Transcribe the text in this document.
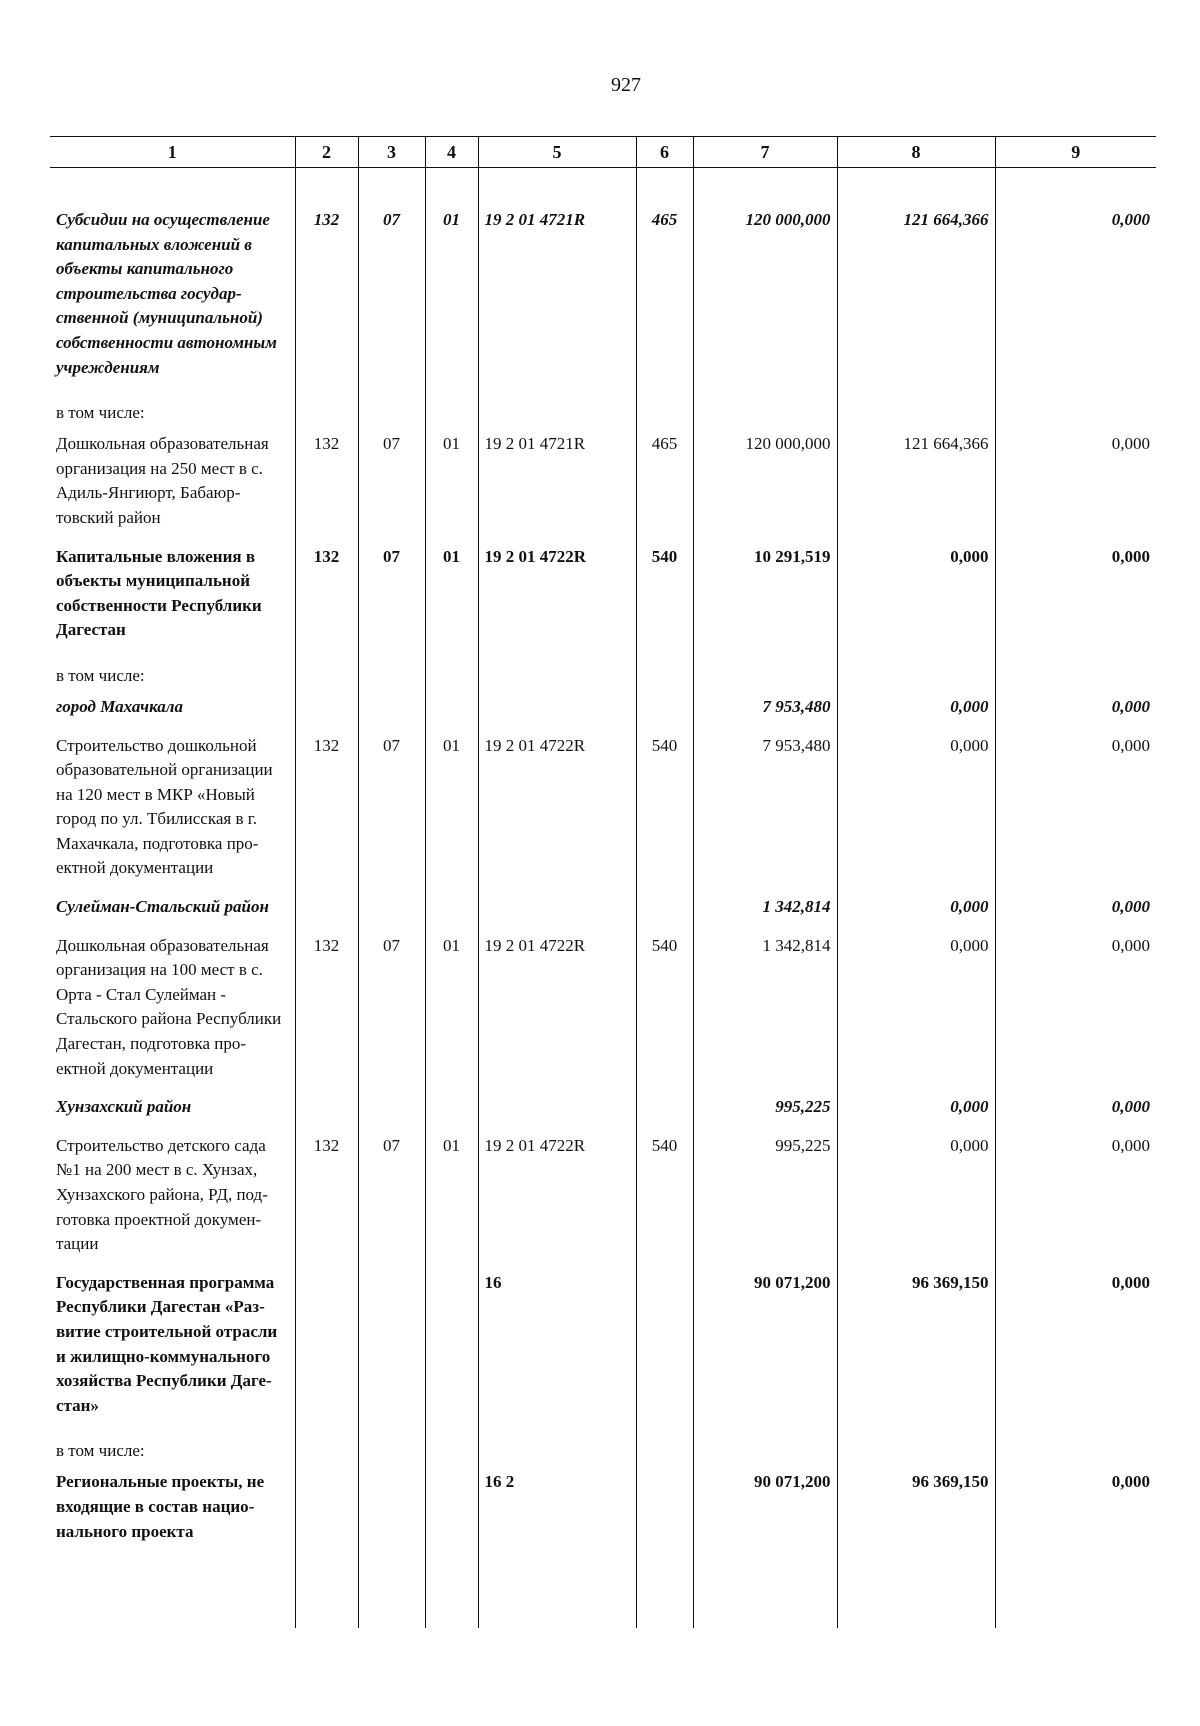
927
1	2	3	4	5	6	7	8	9

Субсидии на осуществление капитальных вложений в объекты капитального строительства государственной (муниципальной) собственности автономным учреждениям	132	07	01	19 2 01 4721R	465	120 000,000	121 664,366	0,000
в том числе:								
Дошкольная образовательная организация на 250 мест в с. Адиль-Янгиюрт, Бабаюртовский район	132	07	01	19 2 01 4721R	465	120 000,000	121 664,366	0,000
Капитальные вложения в объекты муниципальной собственности Республики Дагестан	132	07	01	19 2 01 4722R	540	10 291,519	0,000	0,000
в том числе:								
город Махачкала						7 953,480	0,000	0,000
Строительство дошкольной образовательной организации на 120 мест в МКР «Новый город по ул. Тбилисская в г. Махачкала, подготовка проектной документации	132	07	01	19 2 01 4722R	540	7 953,480	0,000	0,000
Сулейман-Стальский район						1 342,814	0,000	0,000
Дошкольная образовательная организация на 100 мест в с. Орта - Стал Сулейман - Стальского района Республики Дагестан, подготовка проектной документации	132	07	01	19 2 01 4722R	540	1 342,814	0,000	0,000
Хунзахский район						995,225	0,000	0,000
Строительство детского сада №1 на 200 мест в с. Хунзах, Хунзахского района, РД, подготовка проектной документации	132	07	01	19 2 01 4722R	540	995,225	0,000	0,000
Государственная программа Республики Дагестан «Развитие строительной отрасли и жилищно-коммунального хозяйства Республики Дагестан»				16		90 071,200	96 369,150	0,000
в том числе:								
Региональные проекты, не входящие в состав национального проекта				16 2		90 071,200	96 369,150	0,000
